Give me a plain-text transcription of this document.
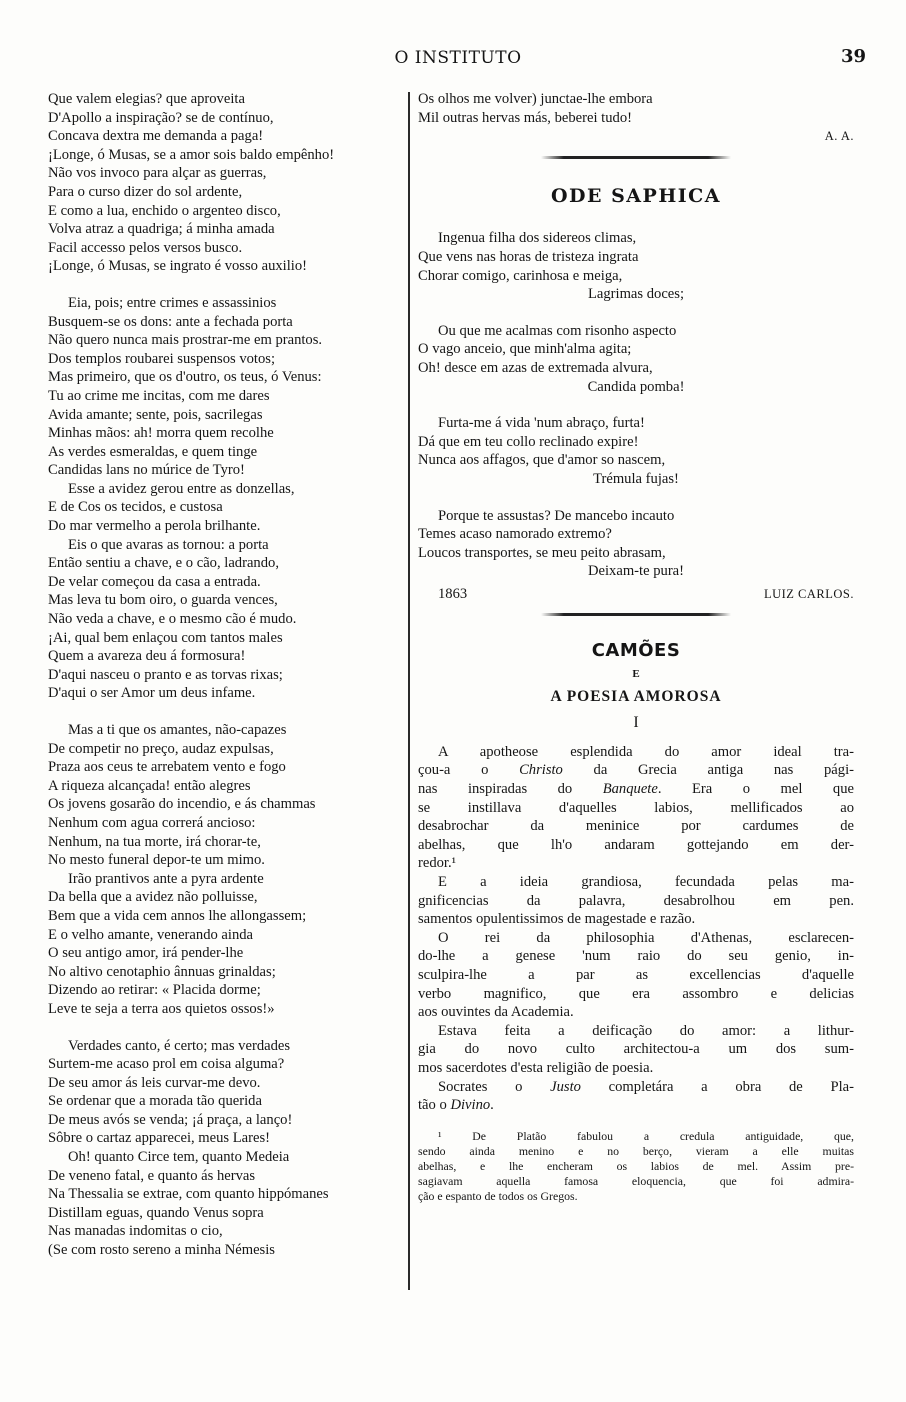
O INSTITUTO	39
Que valem elegias? que aproveita
D'Apollo a inspiração? se de contínuo,
Concava dextra me demanda a paga!
¡Longe, ó Musas, se a amor sois baldo empênho!
Não vos invoco para alçar as guerras,
Para o curso dizer do sol ardente,
E como a lua, enchido o argenteo disco,
Volva atraz a quadriga; á minha amada
Facil accesso pelos versos busco.
¡Longe, ó Musas, se ingrato é vosso auxilio!
Eia, pois; entre crimes e assassinios
Busquem-se os dons: ante a fechada porta
Não quero nunca mais prostrar-me em prantos.
Dos templos roubarei suspensos votos;
Mas primeiro, que os d'outro, os teus, ó Venus:
Tu ao crime me incitas, com me dares
Avida amante; sente, pois, sacrilegas
Minhas mãos: ah! morra quem recolhe
As verdes esmeraldas, e quem tinge
Candidas lans no múrice de Tyro!
Esse a avidez gerou entre as donzellas,
E de Cos os tecidos, e custosa
Do mar vermelho a perola brilhante.
Eis o que avaras as tornou: a porta
Então sentiu a chave, e o cão, ladrando,
De velar começou da casa a entrada.
Mas leva tu bom oiro, o guarda vences,
Não veda a chave, e o mesmo cão é mudo.
¡Ai, qual bem enlaçou com tantos males
Quem a avareza deu á formosura!
D'aqui nasceu o pranto e as torvas rixas;
D'aqui o ser Amor um deus infame.
Mas a ti que os amantes, não-capazes
De competir no preço, audaz expulsas,
Praza aos ceus te arrebatem vento e fogo
A riqueza alcançada! então alegres
Os jovens gosarão do incendio, e ás chammas
Nenhum com agua correrá ancioso:
Nenhum, na tua morte, irá chorar-te,
No mesto funeral depor-te um mimo.
Irão prantivos ante a pyra ardente
Da bella que a avidez não polluisse,
Bem que a vida cem annos lhe allongassem;
E o velho amante, venerando ainda
O seu antigo amor, irá pender-lhe
No altivo cenotaphio ânnuas grinaldas;
Dizendo ao retirar: « Placida dorme;
Leve te seja a terra aos quietos ossos!»
Verdades canto, é certo; mas verdades
Surtem-me acaso prol em coisa alguma?
De seu amor ás leis curvar-me devo.
Se ordenar que a morada tão querida
De meus avós se venda; ¡á praça, a lanço!
Sôbre o cartaz apparecei, meus Lares!
Oh! quanto Circe tem, quanto Medeia
De veneno fatal, e quanto ás hervas
Na Thessalia se extrae, com quanto hippómanes
Distillam eguas, quando Venus sopra
Nas manadas indomitas o cio,
(Se com rosto sereno a minha Némesis
Os olhos me volver) junctae-lhe embora
Mil outras hervas más, beberei tudo!
A. A.
ODE SAPHICA
Ingenua filha dos sidereos climas,
Que vens nas horas de tristeza ingrata
Chorar comigo, carinhosa e meiga,
Lagrimas doces;
Ou que me acalmas com risonho aspecto
O vago anceio, que minh'alma agita;
Oh! desce em azas de extremada alvura,
Candida pomba!
Furta-me á vida 'num abraço, furta!
Dá que em teu collo reclinado expire!
Nunca aos affagos, que d'amor so nascem,
Trémula fujas!
Porque te assustas? De mancebo incauto
Temes acaso namorado extremo?
Loucos transportes, se meu peito abrasam,
Deixam-te pura!
1863	LUIZ CARLOS.
CAMÕES
E
A POESIA AMOROSA
I
A apotheose esplendida do amor ideal tra-
çou-a o Christo da Grecia antiga nas pági-
nas inspiradas do Banquete. Era o mel que
se instillava d'aquelles labios, mellificados ao
desabrochar da meninice por cardumes de
abelhas, que lh'o andaram gottejando em der-
redor.¹
E a ideia grandiosa, fecundada pelas ma-
gnificencias da palavra, desabrolhou em pen.
samentos opulentissimos de magestade e razão.
O rei da philosophia d'Athenas, esclarecen-
do-lhe a genese 'num raio do seu genio, in-
sculpira-lhe a par as excellencias d'aquelle
verbo magnifico, que era assombro e delicias
aos ouvintes da Academia.
Estava feita a deificação do amor: a lithur-
gia do novo culto architectou-a um dos sum-
mos sacerdotes d'esta religião de poesia.
Socrates o Justo completára a obra de Pla-
tão o Divino.
¹ De Platão fabulou a credula antiguidade, que,
sendo ainda menino e no berço, vieram a elle muitas
abelhas, e lhe encheram os labios de mel. Assim pre-
sagiavam aquella famosa eloquencia, que foi admira-
ção e espanto de todos os Gregos.
